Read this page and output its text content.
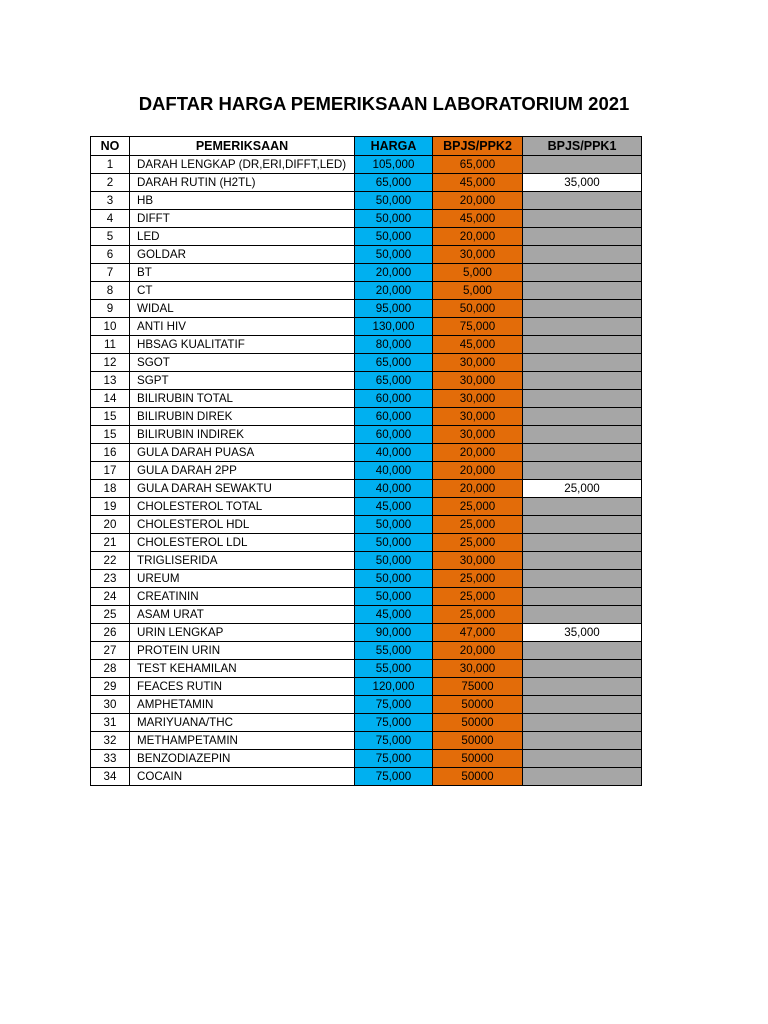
DAFTAR HARGA PEMERIKSAAN LABORATORIUM 2021
NO	PEMERIKSAAN	HARGA	BPJS/PPK2	BPJS/PPK1
1	DARAH LENGKAP (DR,ERI,DIFFT,LED)	105,000	65,000	
2	DARAH RUTIN (H2TL)	65,000	45,000	35,000
3	HB	50,000	20,000	
4	DIFFT	50,000	45,000	
5	LED	50,000	20,000	
6	GOLDAR	50,000	30,000	
7	BT	20,000	5,000	
8	CT	20,000	5,000	
9	WIDAL	95,000	50,000	
10	ANTI HIV	130,000	75,000	
11	HBSAG KUALITATIF	80,000	45,000	
12	SGOT	65,000	30,000	
13	SGPT	65,000	30,000	
14	BILIRUBIN TOTAL	60,000	30,000	
15	BILIRUBIN DIREK	60,000	30,000	
15	BILIRUBIN INDIREK	60,000	30,000	
16	GULA DARAH PUASA	40,000	20,000	
17	GULA DARAH 2PP	40,000	20,000	
18	GULA DARAH SEWAKTU	40,000	20,000	25,000
19	CHOLESTEROL TOTAL	45,000	25,000	
20	CHOLESTEROL HDL	50,000	25,000	
21	CHOLESTEROL LDL	50,000	25,000	
22	TRIGLISERIDA	50,000	30,000	
23	UREUM	50,000	25,000	
24	CREATININ	50,000	25,000	
25	ASAM URAT	45,000	25,000	
26	URIN LENGKAP	90,000	47,000	35,000
27	PROTEIN URIN	55,000	20,000	
28	TEST KEHAMILAN	55,000	30,000	
29	FEACES RUTIN	120,000	75000	
30	AMPHETAMIN	75,000	50000	
31	MARIYUANA/THC	75,000	50000	
32	METHAMPETAMIN	75,000	50000	
33	BENZODIAZEPIN	75,000	50000	
34	COCAIN	75,000	50000	
